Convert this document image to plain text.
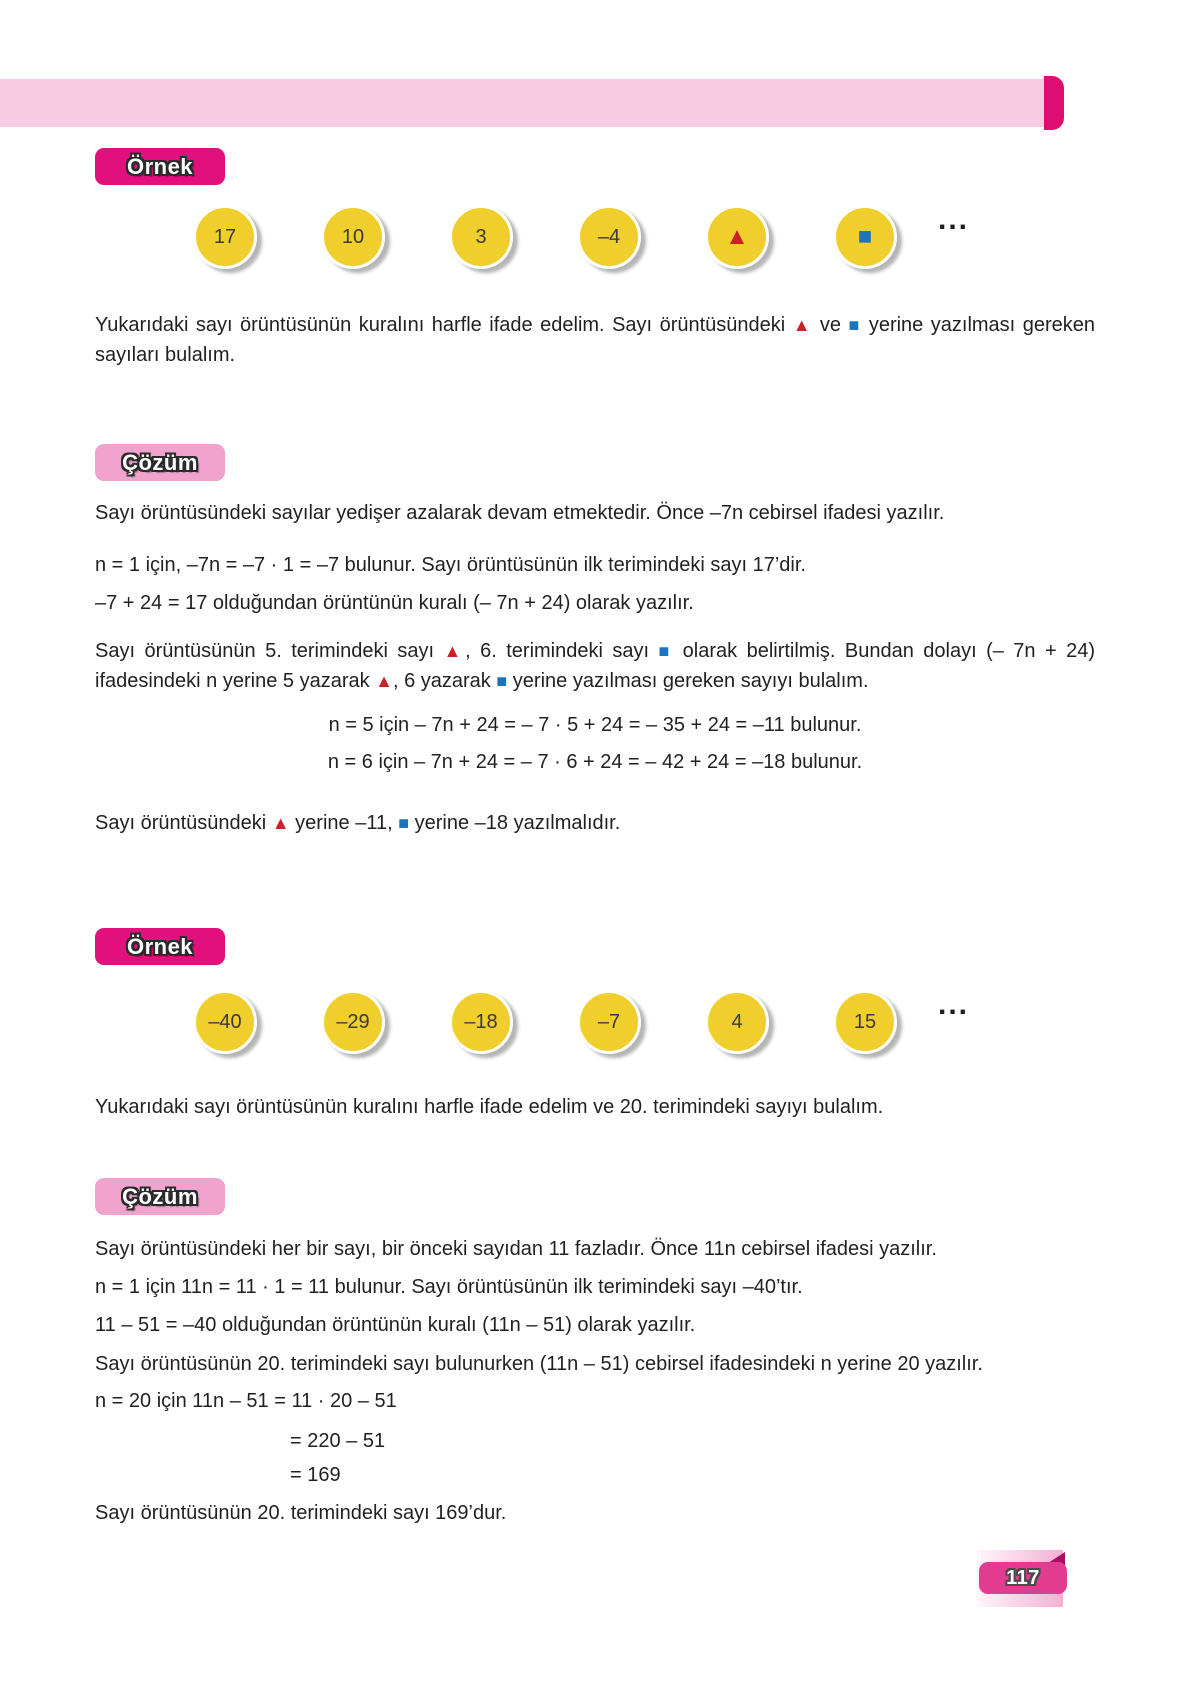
Örnek
17	10	3	–4	▲	■
...

Yukarıdaki sayı örüntüsünün kuralını harfle ifade edelim. Sayı örüntüsündeki ▲ ve ■ yerine yazılması gereken sayıları bulalım.

Çözüm

Sayı örüntüsündeki sayılar yedişer azalarak devam etmektedir. Önce –7n cebirsel ifadesi yazılır.

n = 1 için, –7n = –7 · 1 = –7 bulunur. Sayı örüntüsünün ilk terimindeki sayı 17’dir.

–7 + 24 = 17 olduğundan örüntünün kuralı (– 7n + 24) olarak yazılır.

Sayı örüntüsünün 5. terimindeki sayı ▲, 6. terimindeki sayı ■ olarak belirtilmiş. Bundan dolayı (– 7n + 24) ifadesindeki n yerine 5 yazarak ▲, 6 yazarak ■ yerine yazılması gereken sayıyı bulalım.

n = 5 için – 7n + 24 = – 7 · 5 + 24 = – 35 + 24 = –11 bulunur.

n = 6 için – 7n + 24 = – 7 · 6 + 24 = – 42 + 24 = –18 bulunur.

Sayı örüntüsündeki ▲ yerine –11, ■ yerine –18 yazılmalıdır.

Örnek
–40	–29	–18	–7	4	15
...

Yukarıdaki sayı örüntüsünün kuralını harfle ifade edelim ve 20. terimindeki sayıyı bulalım.

Çözüm

Sayı örüntüsündeki her bir sayı, bir önceki sayıdan 11 fazladır. Önce 11n cebirsel ifadesi yazılır.

n = 1 için 11n = 11 · 1 = 11 bulunur. Sayı örüntüsünün ilk terimindeki sayı –40’tır.

11 – 51 = –40 olduğundan örüntünün kuralı (11n – 51) olarak yazılır.

Sayı örüntüsünün 20. terimindeki sayı bulunurken (11n – 51) cebirsel ifadesindeki n yerine 20 yazılır.

n = 20 için 11n – 51 = 11 · 20 – 51

= 220 – 51

= 169

Sayı örüntüsünün 20. terimindeki sayı 169’dur.

117
